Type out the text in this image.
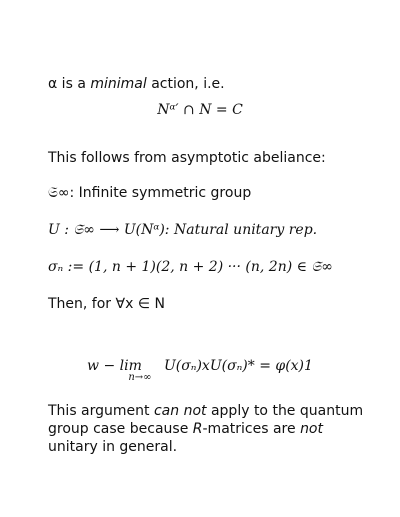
α is a minimal action, i.e.
Nᵅ′ ∩ N = C
This follows from asymptotic abeliance:
𝔖∞: Infinite symmetric group
U : 𝔖∞ ⟶ U(Nᵅ): Natural unitary rep.
σₙ := (1, n + 1)(2, n + 2) ··· (n, 2n) ∈ 𝔖∞
Then, for ∀x ∈ N
w − lim $_{n\to\infty}$ U(σₙ)xU(σₙ)* = φ(x)1
This argument can not apply to the quantum group case because R-matrices are not unitary in general.
